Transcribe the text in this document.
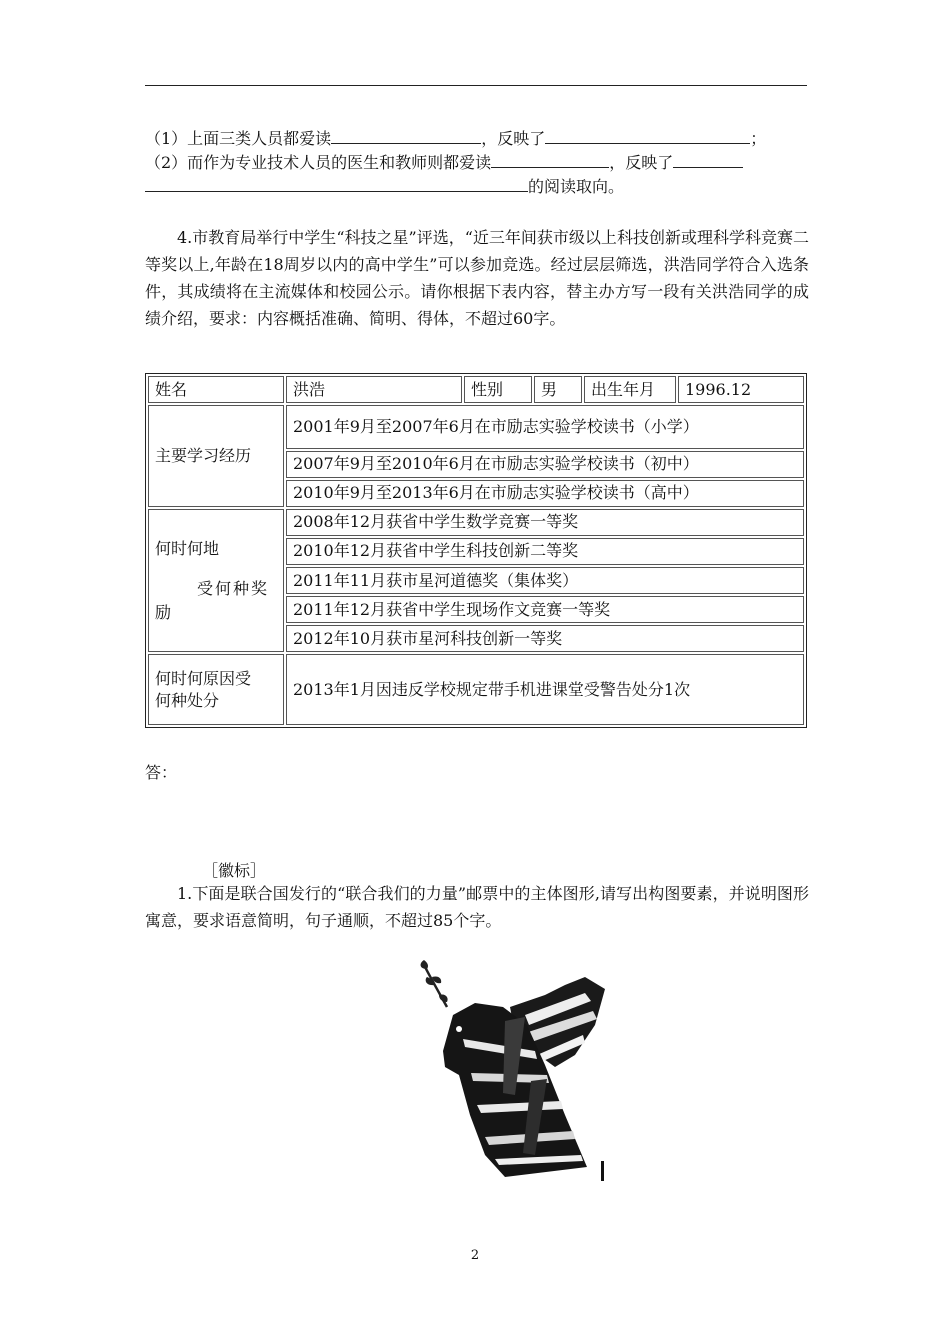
（1）上面三类人员都爱读	，反映了	；
（2）而作为专业技术人员的医生和教师则都爱读	，反映了
的阅读取向。
4.市教育局举行中学生“科技之星”评选，“近三年间获市级以上科技创新或理科学科竞赛二等奖以上,年龄在18周岁以内的高中学生”可以参加竞选。经过层层筛选，洪浩同学符合入选条件，其成绩将在主流媒体和校园公示。请你根据下表内容，替主办方写一段有关洪浩同学的成绩介绍，要求：内容概括准确、简明、得体，不超过60字。
姓名	洪浩	性别	男	出生年月	1996.12
主要学习经历	2001年9月至2007年6月在市励志实验学校读书（小学）				
	2007年9月至2010年6月在市励志实验学校读书（初中）				
	2010年9月至2013年6月在市励志实验学校读书（高中）				

何时何地
受何种奖
励	2008年12月获省中学生数学竞赛一等奖				
	2010年12月获省中学生科技创新二等奖				
	2011年11月获市星河道德奖（集体奖）				
	2011年12月获省中学生现场作文竞赛一等奖				
	2012年10月获市星河科技创新一等奖				

何时何原因受
何种处分	2013年1月因违反学校规定带手机进课堂受警告处分1次				
答：
［徽标］
1.下面是联合国发行的“联合我们的力量”邮票中的主体图形,请写出构图要素，并说明图形寓意，要求语意简明，句子通顺，不超过85个字。
2
